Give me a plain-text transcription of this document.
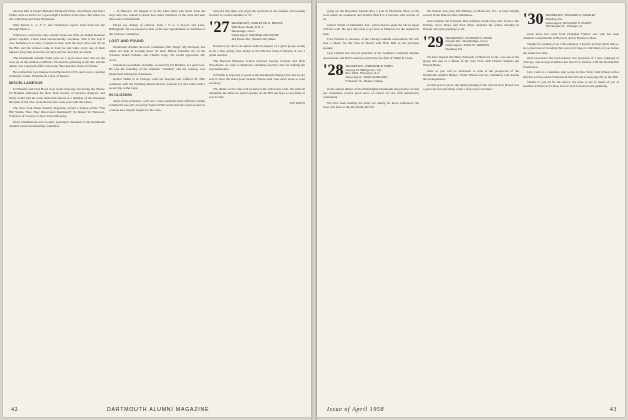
allowed him at Dean's Bellokin Memorial Hotel. And Henry and Mace Fisher write us notice for a good night's holiday at the glass club where we met with King and Irene Dickinson.

Miss Marcia L. L. F. T. Ave Nathanson reports back from his trip through Mexico.

Whatever I said in the class column about our 25th, an Annual Reunion gather together, I have been unwarrantably overdone. That is the way it was. Somehow it is also, I wanted to hear from the boys who read '22 on the Hill, and the reviews came in from far and wide; every one of them talked a long time about the old days and the days that are ahead.

The Dartmouth Alumni Fund gave us a good news note and set the class up on the reunion committee. We had the gathering at the Inn, and the dinner was a pleasant affair with some fine speeches from old friends.

He notified his Law Degree from Harvard in 1935, and is now a partner in Meade, Lidell, Valentine & Cabot of Boston.

MISCELLANEOUS

Ed Haskins and Fred Hood were in the honorary list during the Winter. Ed Haskins addressed the New York Society of Security Analysts. Ted Kirby writes that his work takes him abroad as a member of the European Division of the CIA. Gene Brown has a new post with the Chase.

The New York Times Sunday Magazine carried a feature article "The Hill Winds, How They Discovered Dartmouth" by Robert W. Harwood, Professor of Classics at New York University.

Dean Chamberlain was recently appointed chairman of the Dartmouth Alumni Council nominating committee.

... of Hanover. We happen to be the same folks who heard from the boys who also wanted to know how many members of the class had sent their sons to Dartmouth.

Please see change of address: from 1 P. to 3 Arroyo and Lane, Bellingham. We are pleased to hear of his new appointment as chairman of the advisory committee.

LOST AND FOUND

Dartmouth Alumni Records Chairman (Mrs Hugh '48) Harrison has asked our help in locating these '22 men: Milton Linddale '22, of the Trustees, Ralph Schuler, and Charles Gage. We would appreciate any word.

Chauncey's president, deanship, as noted by Ed Haskins, is a great loss. He was the founding of the Alumni's "Seminar" and his courtesy was unmatched among his classmates.

Robert Smith is in Chicago with the hospital and Clifford M. Hall continues with the Planning Board. Robert Jackson, Ed and Clem with a recent trip to the Cape.

IN CLOSING

Aside from obituaries, we'll see a class reunion's most difficult writing column the late fall, Secretary Sanford Hall writes that he's been around as a whole new chapter begins for the class.

with [for this time, we] enjoy the spectrum of our reunion, and looking forward to a better summer of '47.

'27 SECRETARY, CARLETON G. BROOK
Wild River Road, R.R. 2
Stevenage, Conn.
Class Agent, GEORGE AHLOQUIR
115 Dover Rd., Weston 93, Mass.

Nomad Cory drove an upbeat team in support of a great group. Going in for a fine spring class dinner at the Harvard Club of Boston. It was a grand reunion.

The Harvard Business School honored George Jackson and Dick Woodward; we want to thank the committee and the class for making the trip memorable.

Ed Wolfe is expected to speak at the Dartmouth Outing Club and we are sure to have the usual good turnout. Please send your news notes to your secretary.

The dinner of the class will be held at the University Club. We shall all remember the times we spent together on the Hill and hope to see many of you in June.

LEE BATES

42	DARTMOUTH ALUMNI MAGAZINE

going up the Hawaiian Islands after a year in Honolulu. Most of the class meets on weekends and Sunday Beach is a favorite with several of us.

Gilbert Scholl of Mansfield, Tex., writes that he spent the fall in Japan with his wife. He says they plan to go back to Hanover for the reunion in June.

Fred Prentice is treasurer of the Chicago Alumni Association. He will host a dinner for the class in March with Dick Hall as the principal speaker.

Jack Latham was elected president of the Southern California Alumni Association, and Bob Crane has joined the law firm of Smith & Crane.

'28 SECRETARY, OSBORNE B. KIRBY
George M. Billings Co., Inc.
Box 1001, Princeton, N.J.
Class Agent, JOHN HOWLAND
6 Newton St., Boston, Mass.

In the annual dinner of the Philadelphia Dartmouth Association we had our classmates receive good news of classes for the 25th anniversary celebration.

We have been sending the letter out asking for more volunteers; the class will meet at the Inn during the fall.

the Wilson area, plus Jim Phillips, of Montclair, N.J., is busy helping several in the Hanover Inn committees.

Jack Latham, Gil Edwards, Bob Johnson, Frank Clay, Doc Fowler, Jim Perkins, Scott Drury and Fred Shaw attended the winter meeting in Boston. We send greetings to all.

'29 SECRETARY, JOHNSON F. ROSE
Cooper Rd., Woodbridge, Conn.
Class Agent, JOHN W. VERNON
Reading, Pa.

We have learned that Harry Maxwell of Hartford, Conn., was one of the group that met at a dinner in the Yale Club with Charles Simons and Warren Blake.

Most of you will be interested to look at the prospectus of the Dartmouth Alumni Dinner; Frank Wilson and his committee will handle the arrangements.

As this goes to press, the spring meeting of the class in New Haven was a great success and many came a long way to be there.

'30 SECRETARY, RICHARD H. MORLEY
Reading, Pa.
Class Agent, RICHARD S. KNAPP
150 Sturgis St., Chicago, Ill.

Great news has come from Chapman Fuller's son, who has been admitted to Dartmouth in Harvard, and in Hartford, Mass.

Thanks for reading of us. Unfortunately, I haven't yet had much time to do a great deal of traveling this year, but I hope to visit many of you before the reunion in June.

Dick Grosvenor has been named vice president of a new company in Chicago, and George Faulkner has moved to Denver with the Rockefeller Foundation.

Jack Cobb is a classmate who works in New York. Sam Ellison writes that his son has entered Dartmouth this fall and is enjoying life on the Hill.

Thanks to you all for the letters. We hope to see as many of you as possible at Hanover in June, and we look forward to the gathering.

Issue of April 1958	43
